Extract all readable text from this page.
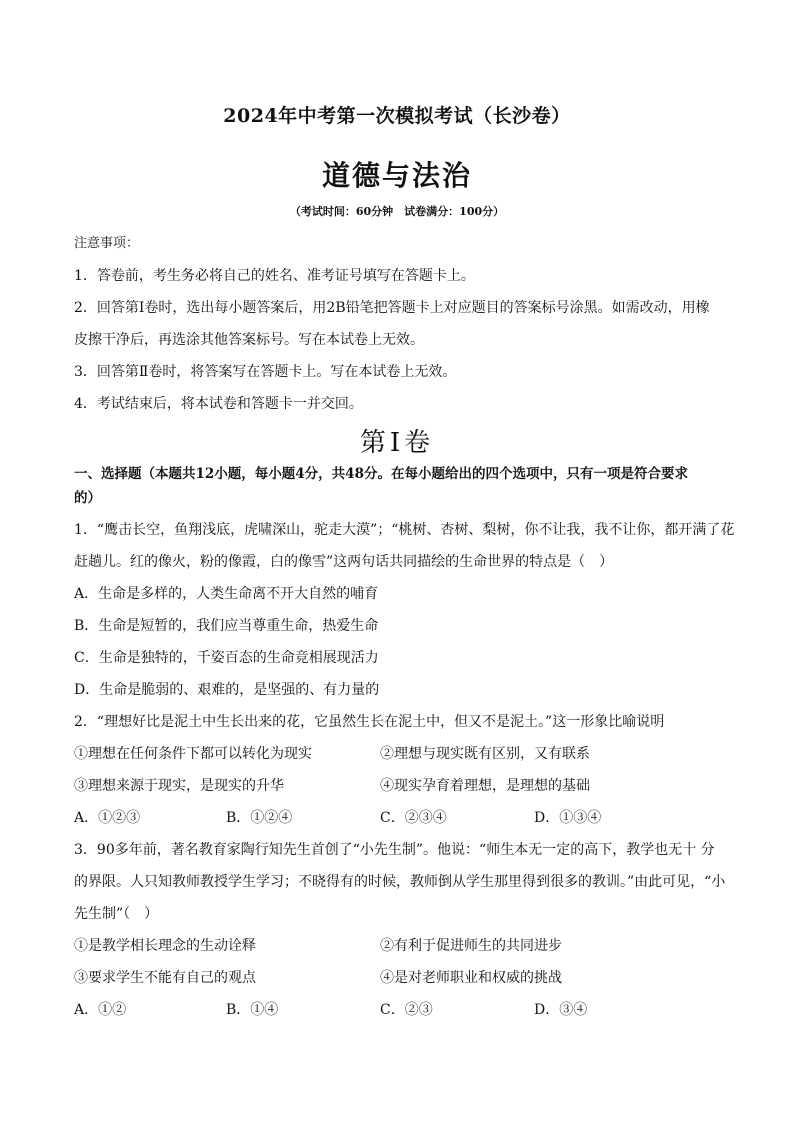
2024年中考第一次模拟考试（长沙卷）
道德与法治
（考试时间：60分钟　试卷满分：100分）
注意事项：
1．答卷前，考生务必将自己的姓名、准考证号填写在答题卡上。
2．回答第Ⅰ卷时，选出每小题答案后，用2B铅笔把答题卡上对应题目的答案标号涂黑。如需改动，用橡
皮擦干净后，再选涂其他答案标号。写在本试卷上无效。
3．回答第Ⅱ卷时，将答案写在答题卡上。写在本试卷上无效。
4．考试结束后，将本试卷和答题卡一并交回。
第Ⅰ卷
一、选择题（本题共12小题，每小题4分，共48分。在每小题给出的四个选项中，只有一项是符合要求
的）
1．“鹰击长空，鱼翔浅底，虎啸深山，驼走大漠”；“桃树、杏树、梨树，你不让我，我不让你，都开满了花
赶趟儿。红的像火，粉的像霞，白的像雪”这两句话共同描绘的生命世界的特点是（　）
A．生命是多样的，人类生命离不开大自然的哺育
B．生命是短暂的，我们应当尊重生命，热爱生命
C．生命是独特的，千姿百态的生命竞相展现活力
D．生命是脆弱的、艰难的，是坚强的、有力量的
2．“理想好比是泥土中生长出来的花，它虽然生长在泥土中，但又不是泥土。”这一形象比喻说明
①理想在任何条件下都可以转化为现实	②理想与现实既有区别，又有联系
③理想来源于现实，是现实的升华	④现实孕育着理想，是理想的基础
A．①②③	B．①②④	C．②③④	D．①③④
3．90多年前，著名教育家陶行知先生首创了“小先生制”。他说：“师生本无一定的高下，教学也无十 分
的界限。人只知教师教授学生学习；不晓得有的时候，教师倒从学生那里得到很多的教训。”由此可见，“小
先生制”（　）
①是教学相长理念的生动诠释	②有利于促进师生的共同进步
③要求学生不能有自己的观点	④是对老师职业和权威的挑战
A．①②	B．①④	C．②③	D．③④
